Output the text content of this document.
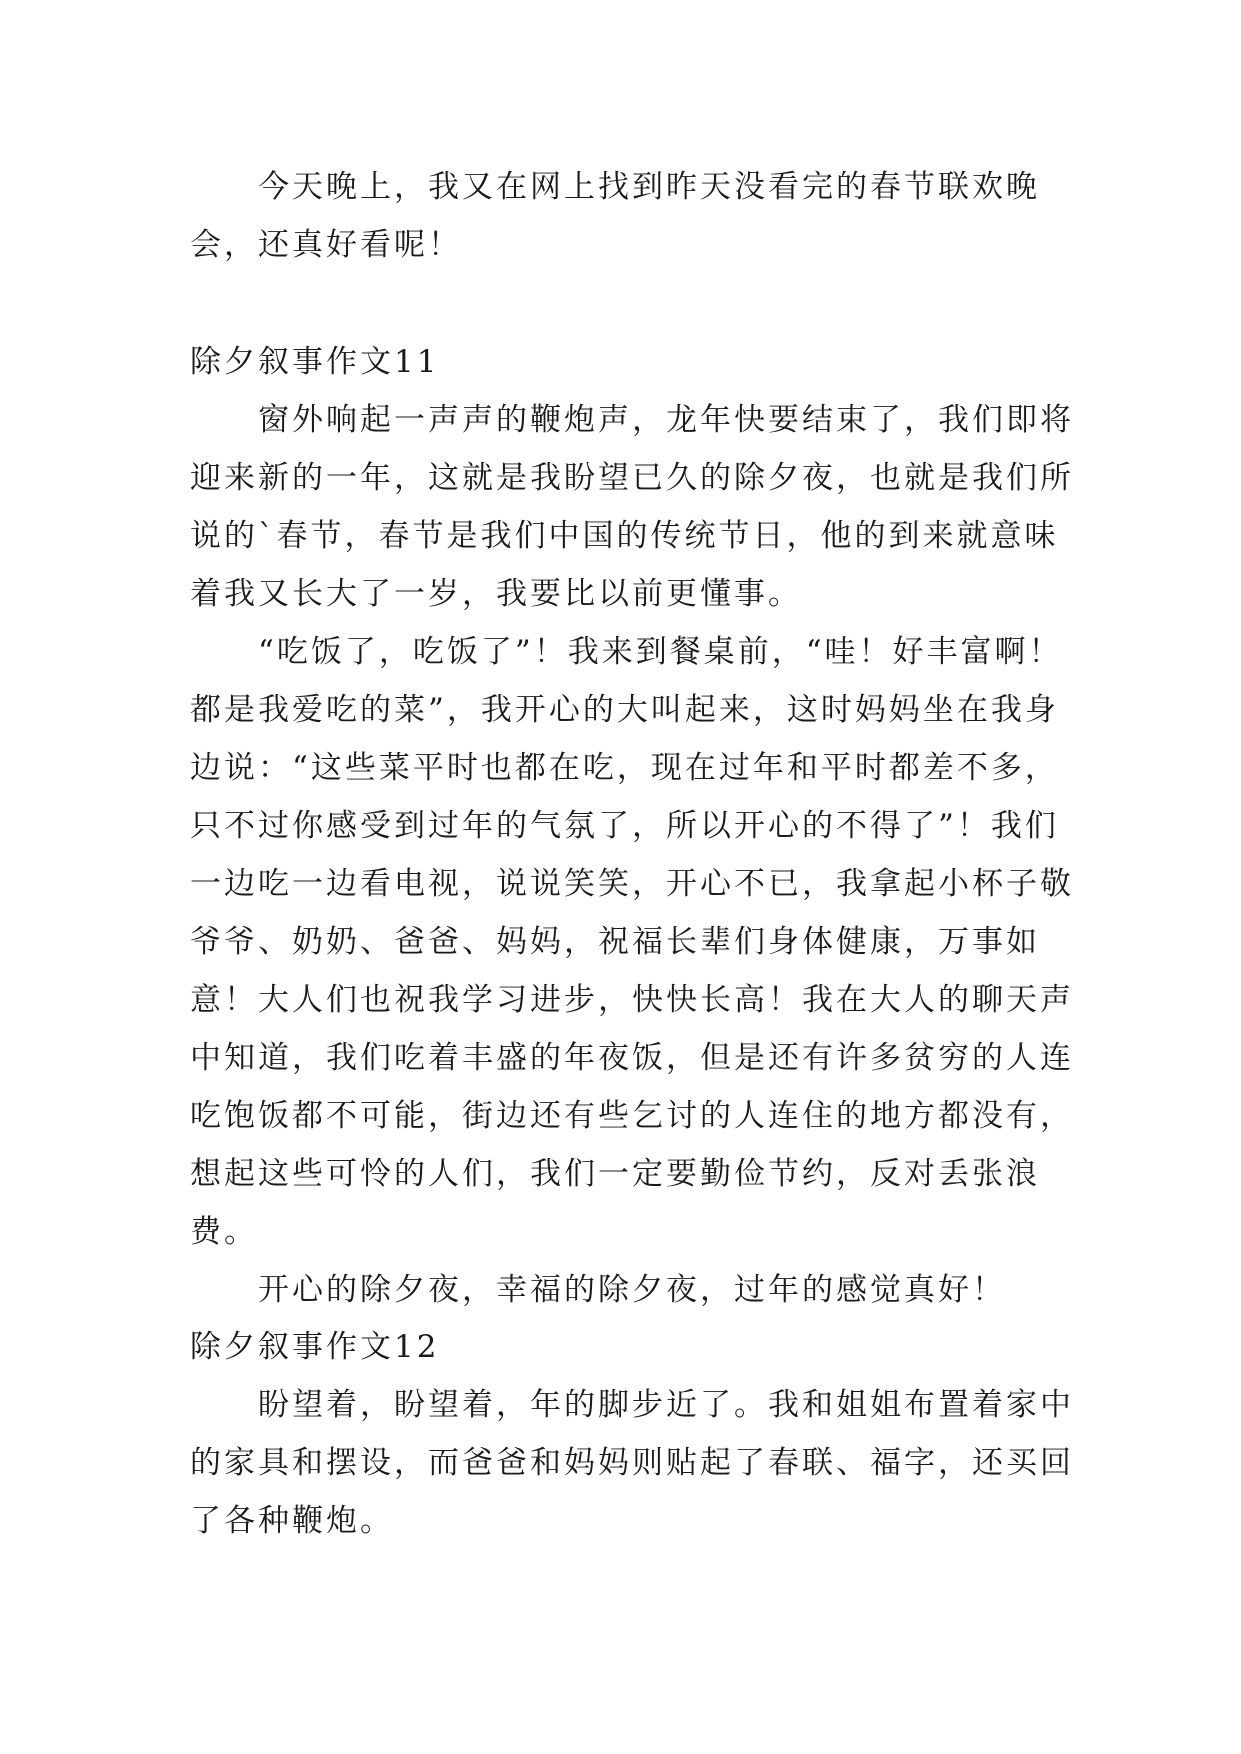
　　今天晚上，我又在网上找到昨天没看完的春节联欢晚会，还真好看呢！

除夕叙事作文11

　　窗外响起一声声的鞭炮声，龙年快要结束了，我们即将迎来新的一年，这就是我盼望已久的除夕夜，也就是我们所说的`春节，春节是我们中国的传统节日，他的到来就意味着我又长大了一岁，我要比以前更懂事。

　　“吃饭了，吃饭了”！我来到餐桌前，“哇！好丰富啊！都是我爱吃的菜”，我开心的大叫起来，这时妈妈坐在我身边说：“这些菜平时也都在吃，现在过年和平时都差不多，只不过你感受到过年的气氛了，所以开心的不得了”！我们一边吃一边看电视，说说笑笑，开心不已，我拿起小杯子敬爷爷、奶奶、爸爸、妈妈，祝福长辈们身体健康，万事如意！大人们也祝我学习进步，快快长高！我在大人的聊天声中知道，我们吃着丰盛的年夜饭，但是还有许多贫穷的人连吃饱饭都不可能，街边还有些乞讨的人连住的地方都没有，想起这些可怜的人们，我们一定要勤俭节约，反对丢张浪费。

　　开心的除夕夜，幸福的除夕夜，过年的感觉真好！

除夕叙事作文12

　　盼望着，盼望着，年的脚步近了。我和姐姐布置着家中的家具和摆设，而爸爸和妈妈则贴起了春联、福字，还买回了各种鞭炮。
